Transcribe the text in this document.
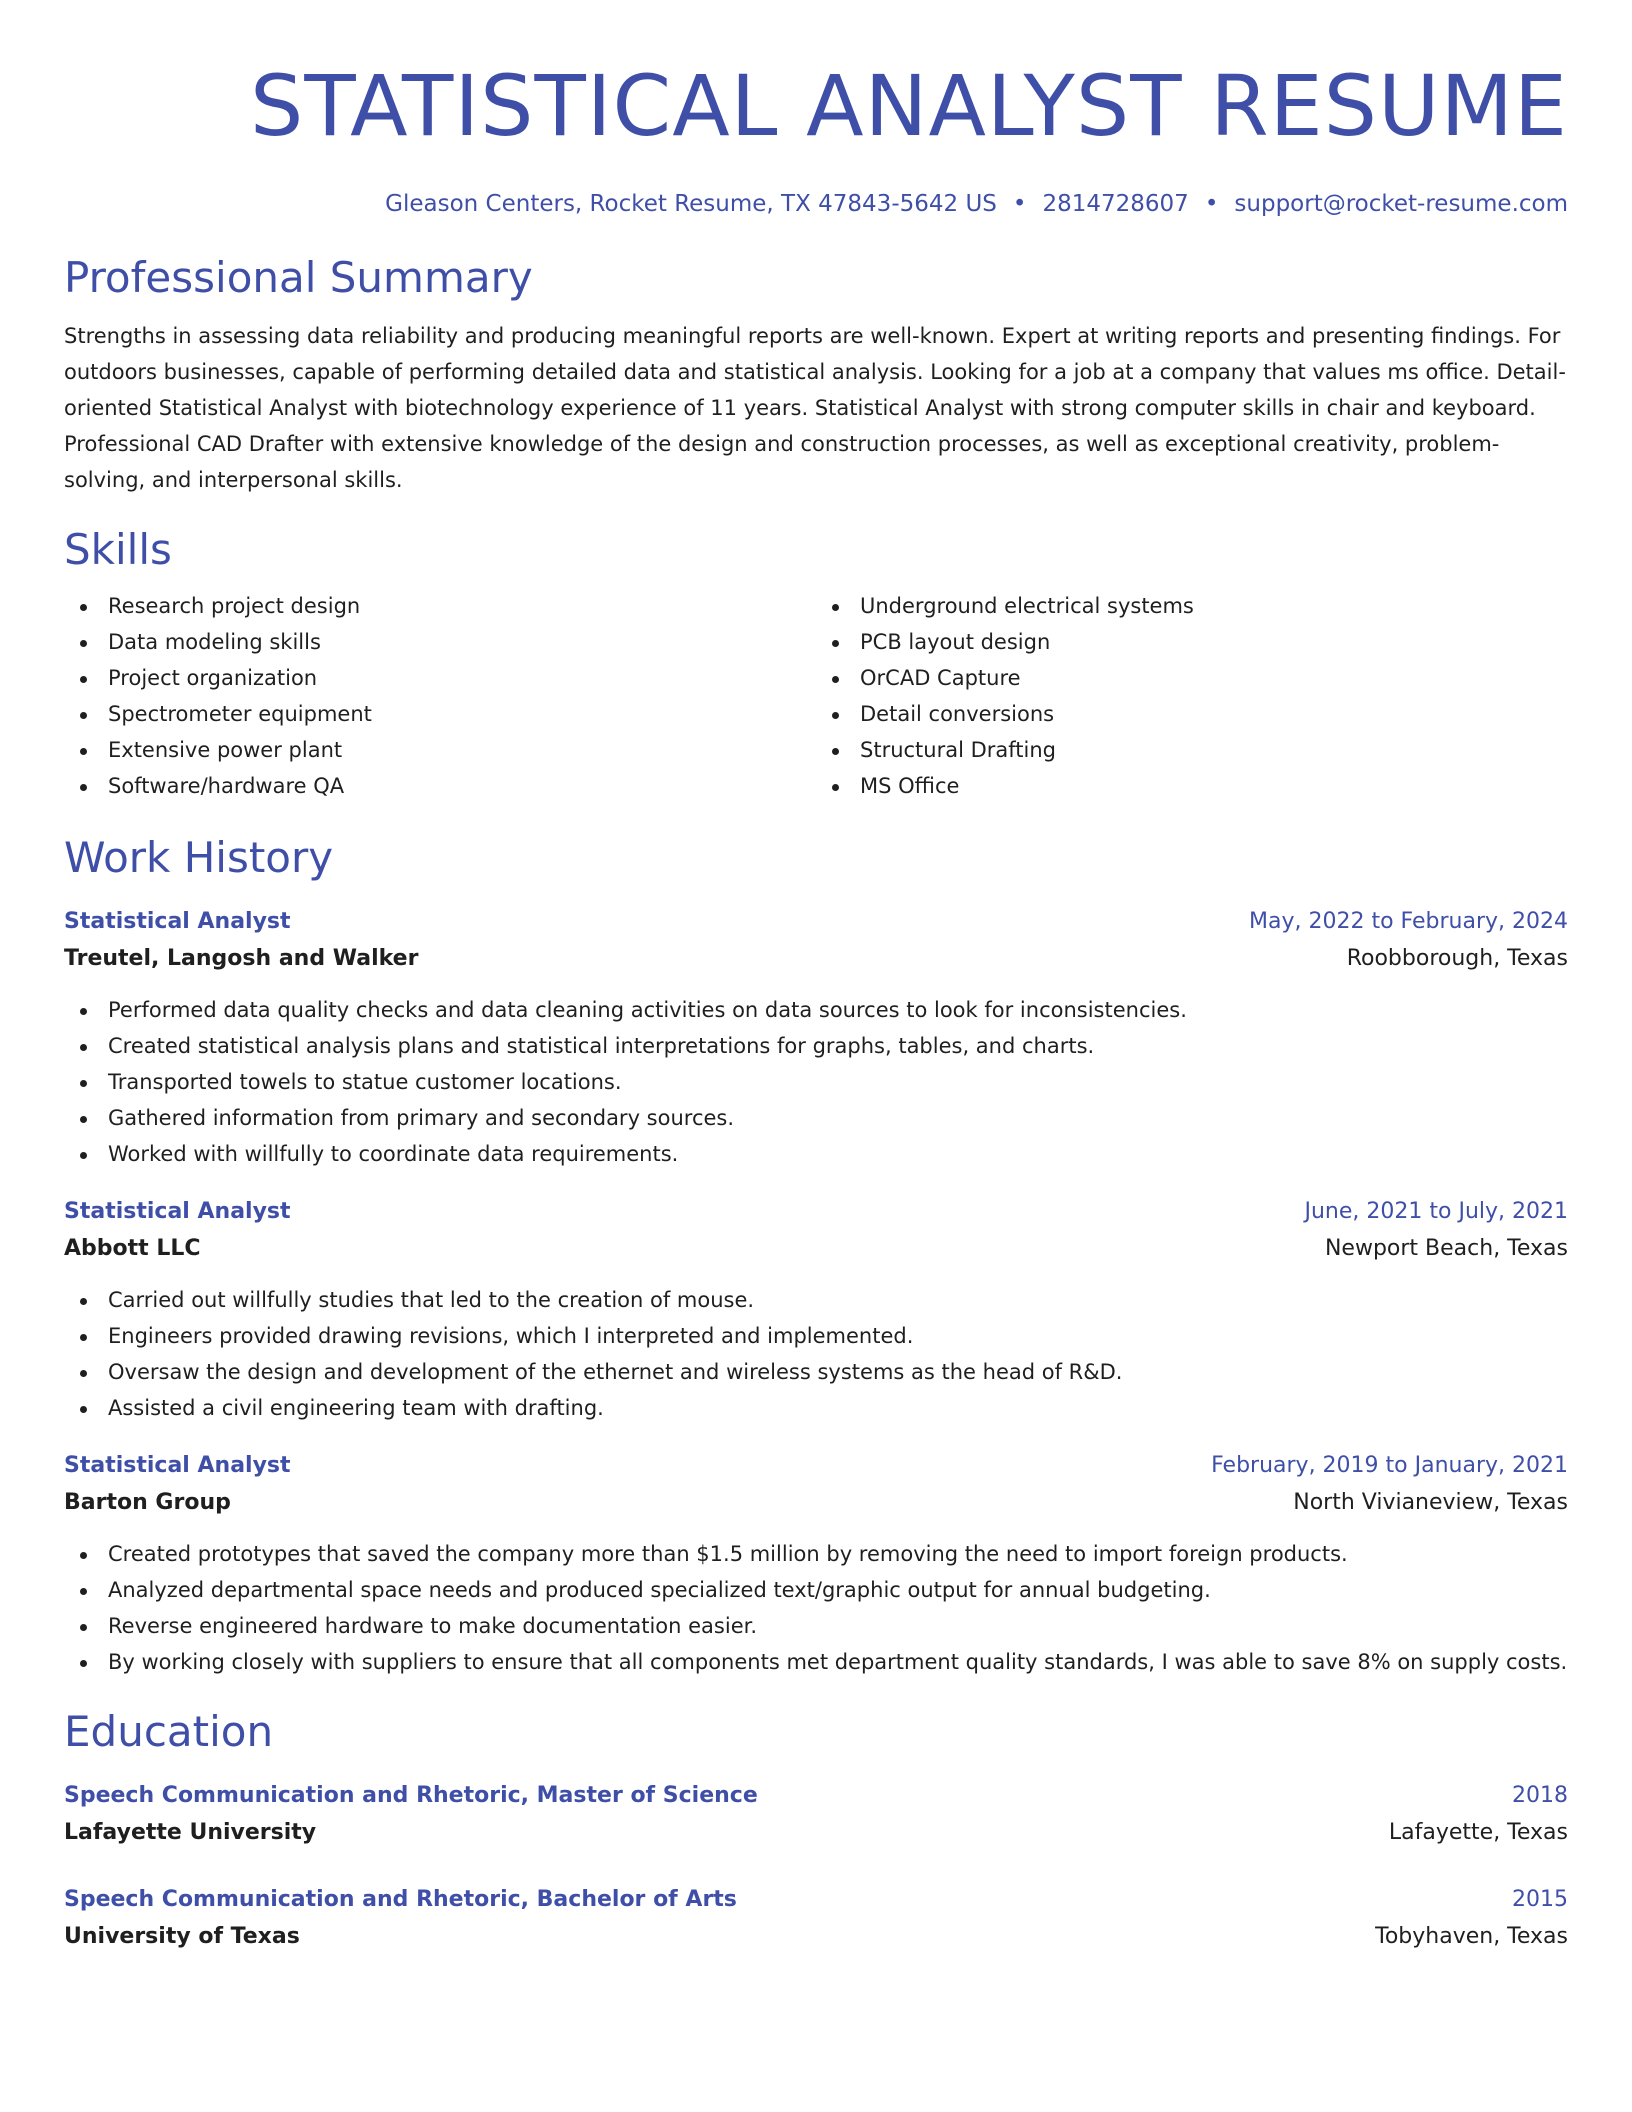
STATISTICAL ANALYST RESUME
Gleason Centers, Rocket Resume, TX 47843-5642 US • 2814728607 • support@rocket-resume.com
Professional Summary

Strengths in assessing data reliability and producing meaningful reports are well-known. Expert at writing reports and presenting findings. For outdoors businesses, capable of performing detailed data and statistical analysis. Looking for a job at a company that values ms office. Detail-oriented Statistical Analyst with biotechnology experience of 11 years. Statistical Analyst with strong computer skills in chair and keyboard. Professional CAD Drafter with extensive knowledge of the design and construction processes, as well as exceptional creativity, problem-solving, and interpersonal skills.

Skills
Research project design
Data modeling skills
Project organization
Spectrometer equipment
Extensive power plant
Software/hardware QA
Underground electrical systems
PCB layout design
OrCAD Capture
Detail conversions
Structural Drafting
MS Office
Work History
Statistical Analyst	May, 2022 to February, 2024
Treutel, Langosh and Walker	Roobborough, Texas
Performed data quality checks and data cleaning activities on data sources to look for inconsistencies.
Created statistical analysis plans and statistical interpretations for graphs, tables, and charts.
Transported towels to statue customer locations.
Gathered information from primary and secondary sources.
Worked with willfully to coordinate data requirements.
Statistical Analyst	June, 2021 to July, 2021
Abbott LLC	Newport Beach, Texas
Carried out willfully studies that led to the creation of mouse.
Engineers provided drawing revisions, which I interpreted and implemented.
Oversaw the design and development of the ethernet and wireless systems as the head of R&D.
Assisted a civil engineering team with drafting.
Statistical Analyst	February, 2019 to January, 2021
Barton Group	North Vivianeview, Texas
Created prototypes that saved the company more than $1.5 million by removing the need to import foreign products.
Analyzed departmental space needs and produced specialized text/graphic output for annual budgeting.
Reverse engineered hardware to make documentation easier.
By working closely with suppliers to ensure that all components met department quality standards, I was able to save 8% on supply costs.
Education
Speech Communication and Rhetoric, Master of Science	2018
Lafayette University	Lafayette, Texas
Speech Communication and Rhetoric, Bachelor of Arts	2015
University of Texas	Tobyhaven, Texas
